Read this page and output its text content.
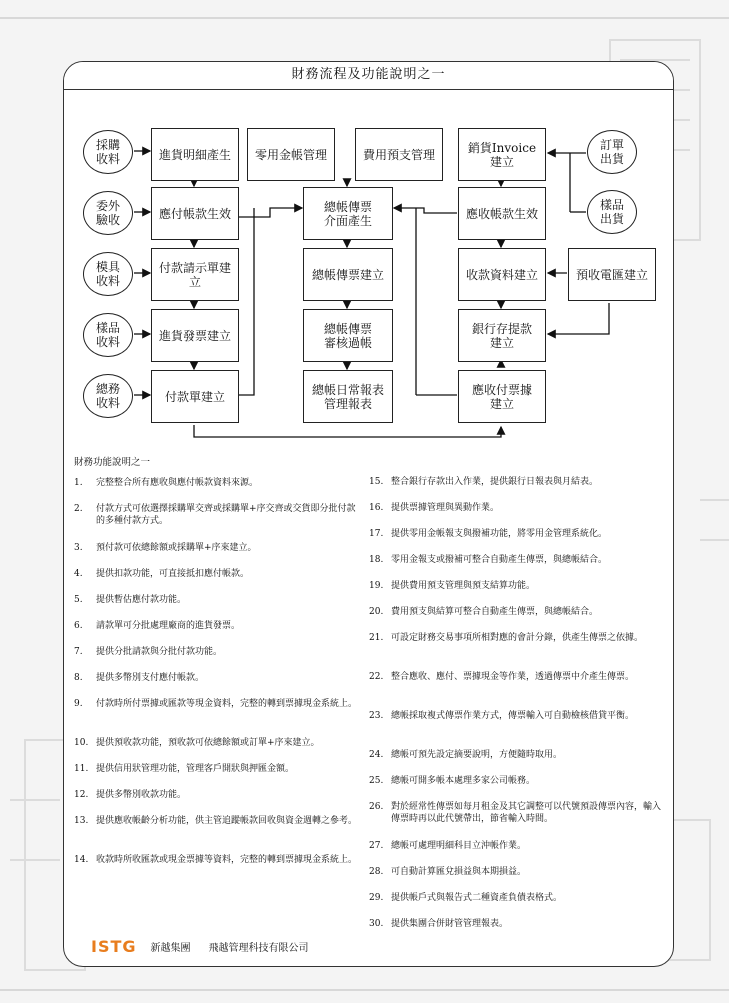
財務流程及功能說明之一
採購
收料
委外
驗收
模具
收料
樣品
收料
總務
收料
進貨明細產生
應付帳款生效
付款請示單建
立
進貨發票建立
付款單建立
零用金帳管理	費用預支管理
總帳傳票
介面產生
總帳傳票建立
總帳傳票
審核過帳
總帳日常報表
管理報表
銷貨Invoice
建立
應收帳款生效
收款資料建立
銀行存提款
建立
應收付票據
建立
預收電匯建立
訂單
出貨
樣品
出貨
財務功能說明之一
1.	完整整合所有應收與應付帳款資料來源。
2.	付款方式可依選擇採購單交齊或採購單+序交齊或交貨即分批付款的多種付款方式。
3.	預付款可依總餘額或採購單+序來建立。
4.	提供扣款功能，可直接抵扣應付帳款。
5.	提供暫估應付款功能。
6.	請款單可分批處理廠商的進貨發票。
7.	提供分批請款與分批付款功能。
8.	提供多幣別支付應付帳款。
9.	付款時所付票據或匯款等現金資料，完整的轉到票據現金系統上。
10. 提供預收款功能，預收款可依總餘額或訂單+序來建立。
11. 提供信用狀管理功能，管理客戶開狀與押匯金額。
12. 提供多幣別收款功能。
13. 提供應收帳齡分析功能，供主管追蹤帳款回收與資金週轉之參考。
14. 收款時所收匯款或現金票據等資料，完整的轉到票據現金系統上。
15. 整合銀行存款出入作業，提供銀行日報表與月結表。
16. 提供票據管理與異動作業。
17. 提供零用金帳報支與撥補功能，將零用金管理系統化。
18. 零用金報支或撥補可整合自動產生傳票，與總帳結合。
19. 提供費用預支管理與預支結算功能。
20. 費用預支與結算可整合自動產生傳票，與總帳結合。
21. 可設定財務交易事項所相對應的會計分錄，供產生傳票之依據。
22. 整合應收、應付、票據現金等作業，透過傳票中介產生傳票。
23. 總帳採取複式傳票作業方式，傳票輸入可自動檢核借貸平衡。
24. 總帳可預先設定摘要說明，方便隨時取用。
25. 總帳可開多帳本處理多家公司帳務。
26. 對於經常性傳票如每月租金及其它調整可以代號預設傳票內容，輸入傳票時再以此代號帶出，節省輸入時間。
27. 總帳可處理明細科目立沖帳作業。
28. 可自動計算匯兌損益與本期損益。
29. 提供帳戶式與報告式二種資產負債表格式。
30. 提供集團合併財管管理報表。
ISTG 新越集團 飛越管理科技有限公司
